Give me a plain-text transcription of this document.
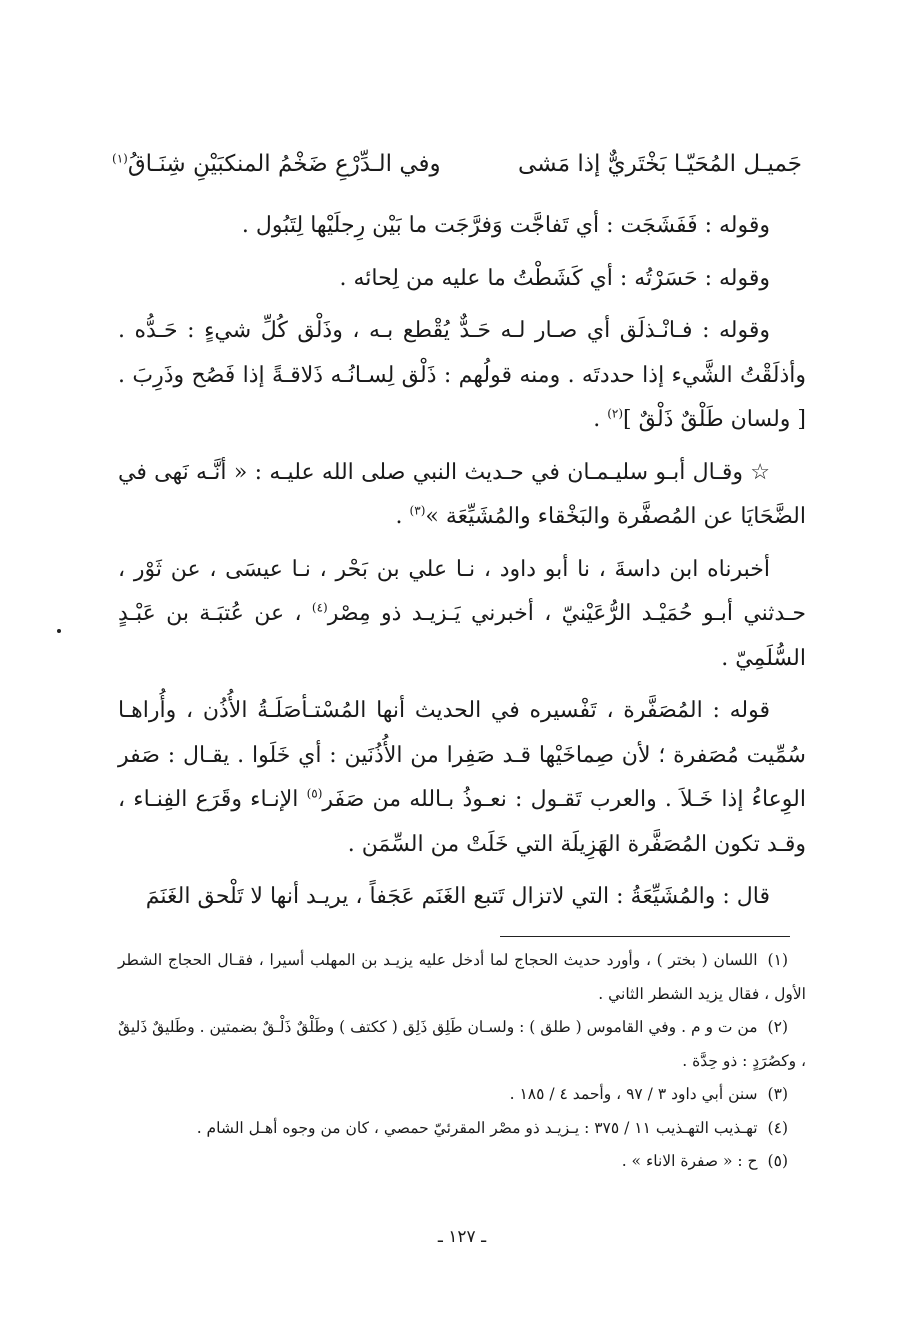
جَميـل المُحَيّـا بَخْتَريٌّ إذا مَشى
وفي الـدِّرْعِ ضَخْمُ المنكبَيْنِ شِنَـاقُ$^{(١)}$

وقوله : فَفَشَجَت : أي تَفاجَّت وَفرَّجَت ما بَيْن رِجلَيْها لِتَبُول .

وقوله : حَسَرْتُه : أي كَشَطْتُ ما عليه من لِحائه .

وقوله : فـانْـذلَق أي صـار لـه حَـدٌّ يُقْطع بـه ، وذَلْق كُلِّ شيءٍ : حَـدُّه . وأذلَقْتُ الشَّيء إذا حددتَه . ومنه قولُهم : ذَلْق لِسـانُـه ذَلاقـةً إذا فَصُح وذَرِبَ . [ ولسان طَلْقٌ ذَلْقٌ ]$^{(٢)}$ .

☆ وقـال أبـو سليـمـان في حـديث النبي صلى الله عليـه : « أنَّـه نَهى في الضَّحَايَا عن المُصفَّرة والبَخْقاء والمُشَيِّعَة »$^{(٣)}$ .

أخبرناه ابن داسةَ ، نا أبو داود ، نـا علي بن بَحْر ، نـا عيسَى ، عن ثَوْر ، حـدثني أبـو حُمَيْـد الرُّعَيْنيّ ، أخبرني يَـزيـد ذو مِصْر$^{(٤)}$ ، عن عُتبَـة بن عَبْـدٍ السُّلَمِيّ .

قوله : المُصَفَّرة ، تَفْسيره في الحديث أنها المُسْتـأصَلَـةُ الأُذُن ، وأُراهـا سُمِّيت مُصَفرة ؛ لأن صِماخَيْها قـد صَفِرا من الأُذُنَين : أي خَلَوا . يقـال : صَفر الوِعاءُ إذا خَـلاَ . والعرب تَقـول : نعـوذُ بـالله من صَفَر$^{(٥)}$ الإنـاء وقَرَع الفِنـاء ، وقـد تكون المُصَفَّرة الهَزِيلَة التي خَلَتْ من السِّمَن .

قال : والمُشَيِّعَةُ : التي لاتزال تَتبع الغَنَم عَجَفاً ، يريـد أنها لا تَلْحق الغَنَمَ

(١)اللسان ( بختر ) ، وأورد حديث الحجاج لما أدخل عليه يزيـد بن المهلب أسيرا ، فقـال الحجاج الشطر الأول ، فقال يزيد الشطر الثاني .

(٢)من ت و م . وفي القاموس ( طلق ) : ولسـان طَلِق ذَلِق ( ككتف ) وطَلْقٌ ذَلْـقٌ بضمتين . وطَليقٌ ذَليقٌ ، وكصُرَدٍ : ذو حِدَّة .

(٣)سنن أبي داود ٣ / ٩٧ ، وأحمد ٤ / ١٨٥ .

(٤)تهـذيب التهـذيب ١١ / ٣٧٥ : يـزيـد ذو مصْر المقرئيّ حمصي ، كان من وجوه أهـل الشام .

(٥)ح : « صفرة الاناء » .

ـ ١٢٧ ـ
